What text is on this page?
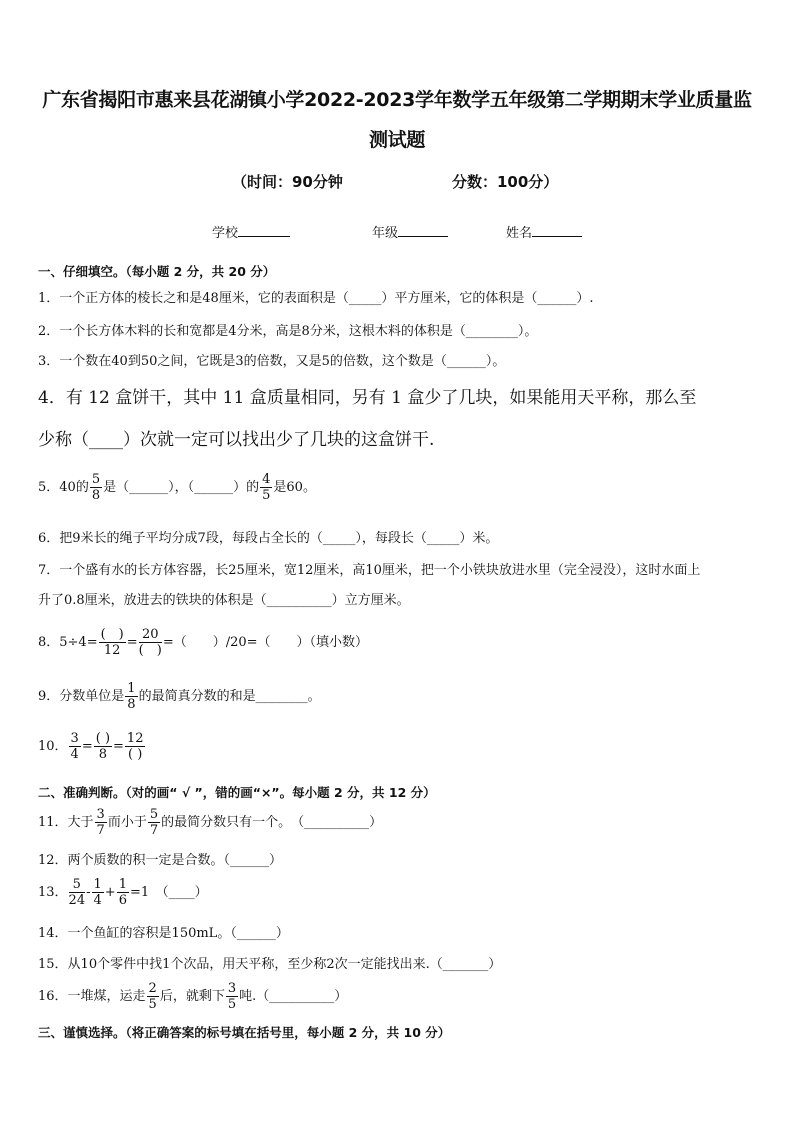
广东省揭阳市惠来县花湖镇小学2022-2023学年数学五年级第二学期期末学业质量监
测试题
（时间：90分钟	分数：100分）
学校	年级	姓名
一、仔细填空。（每小题 2 分，共 20 分）
1．一个正方体的棱长之和是48厘米，它的表面积是（_____）平方厘米，它的体积是（______）.
2．一个长方体木料的长和宽都是4分米，高是8分米，这根木料的体积是（________）。
3．一个数在40到50之间，它既是3的倍数，又是5的倍数，这个数是（______）。
4．有 12 盒饼干，其中 11 盒质量相同，另有 1 盒少了几块，如果能用天平称，那么至
少称（____）次就一定可以找出少了几块的这盒饼干.
5．40的 $\frac{5}{8}$ 是（______），（______）的 $\frac{4}{5}$ 是60。
6．把9米长的绳子平均分成7段，每段占全长的（_____），每段长（_____）米。
7．一个盛有水的长方体容器，长25厘米，宽12厘米，高10厘米，把一个小铁块放进水里（完全浸没），这时水面上
升了0.8厘米，放进去的铁块的体积是（__________）立方厘米。
8．$5\div 4= \frac{( )}{12} = \frac{20}{( )}$ =（　　）/20=（　　）（填小数）
9．分数单位是 $\frac{1}{8}$ 的最简真分数的和是________。
10． $\frac{3}{4} = \frac{( )}{8} = \frac{12}{( )}$
二、准确判断。（对的画“ √ ”，错的画“×”。每小题 2 分，共 12 分）
11．大于 $\frac{3}{7}$ 而小于 $\frac{5}{7}$ 的最简分数只有一个。　（__________）
12．两个质数的积一定是合数。（______）
13． $\frac{5}{24} - \frac{1}{4} + \frac{1}{6} =1$　（____）
14．一个鱼缸的容积是150mL。（______）
15．从10个零件中找1个次品，用天平称，至少称2次一定能找出来.（_______）
16．一堆煤，运走 $\frac{2}{5}$ 后，就剩下 $\frac{3}{5}$ 吨.（__________）
三、谨慎选择。（将正确答案的标号填在括号里，每小题 2 分，共 10 分）
